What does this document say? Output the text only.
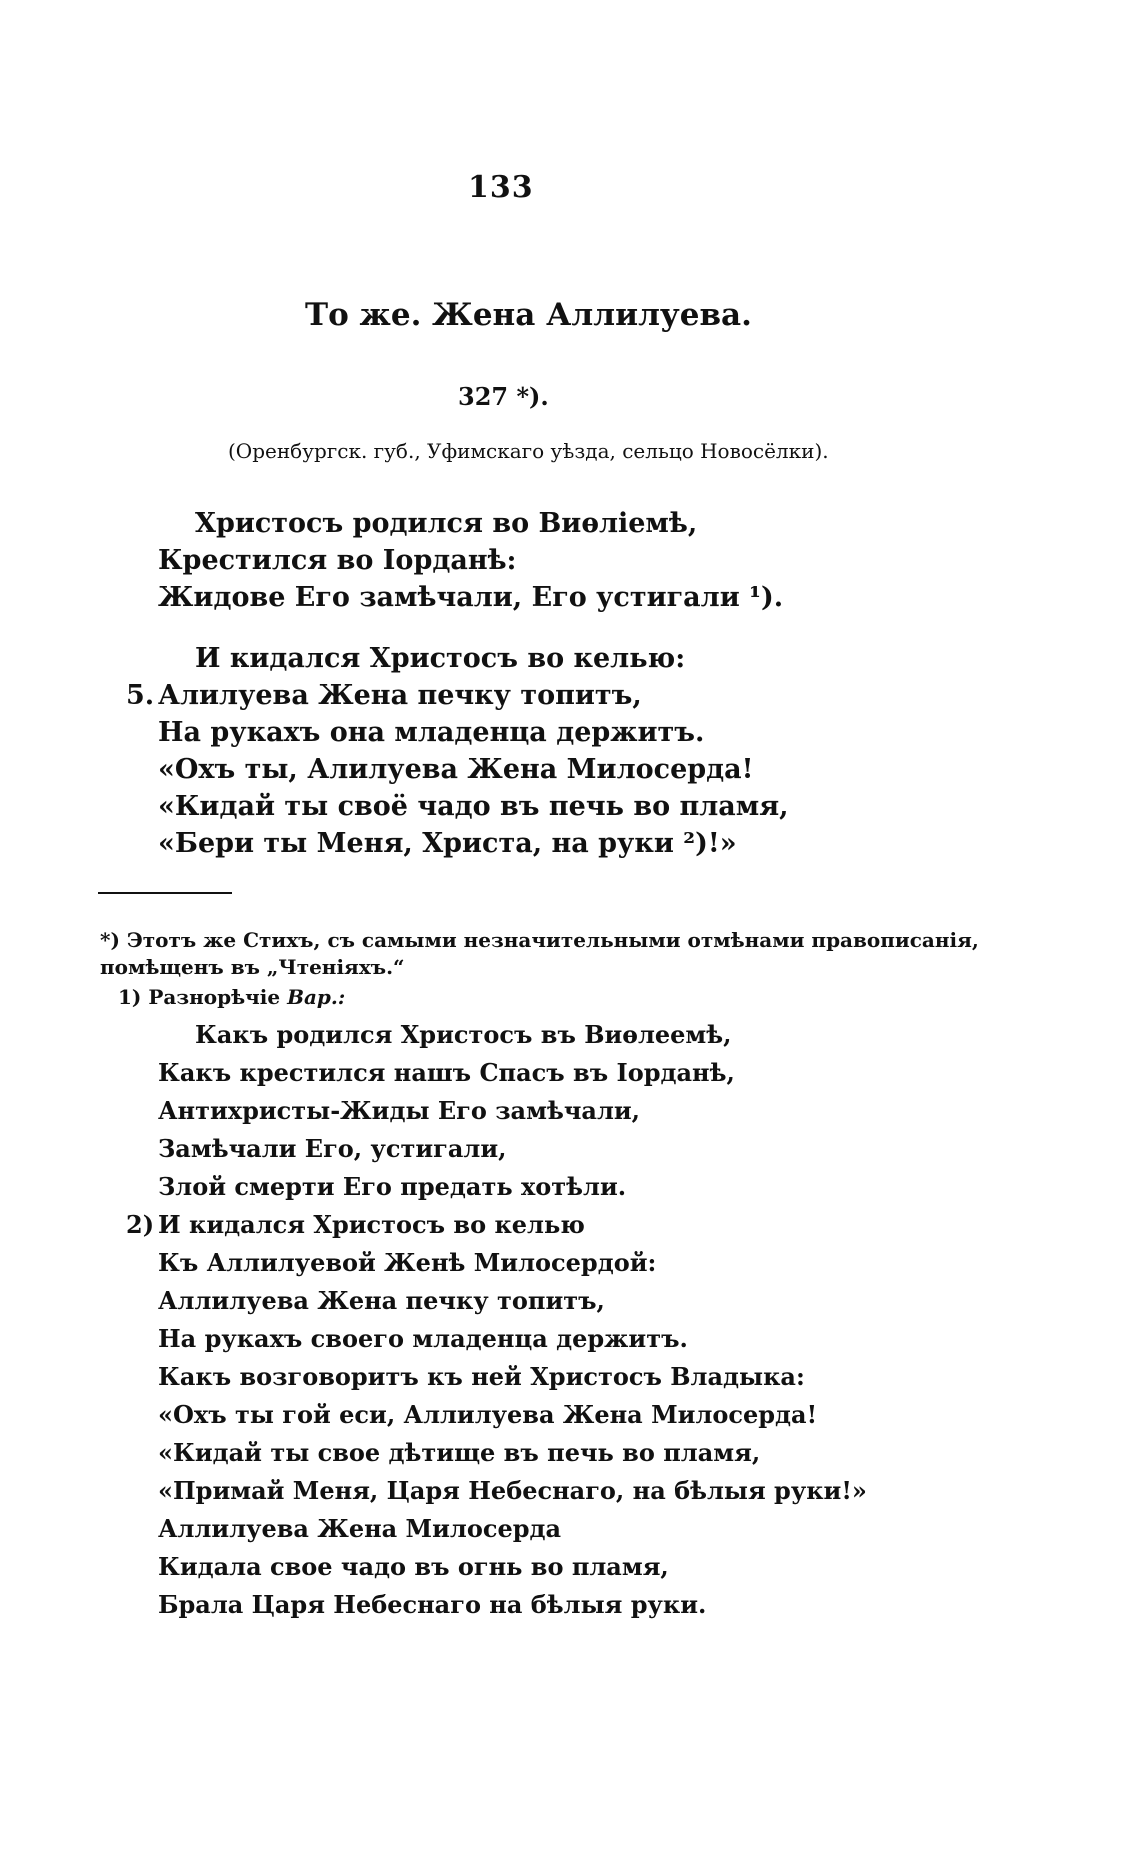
133
То же. Жена Аллилуева.
327 *).
(Оренбургск. губ., Уфимскаго уѣзда, сельцо Новосёлки).
Христосъ родился во Виѳліемѣ,
Крестился во Іорданѣ:
Жидове Его замѣчали, Его устигали ¹).
И кидался Христосъ во келью:
5. Алилуева Жена печку топитъ,
На рукахъ она младенца держитъ.
«Охъ ты, Алилуева Жена Милосерда!
«Кидай ты своё чадо въ печь во пламя,
«Бери ты Меня, Христа, на руки ²)!»
*) Этотъ же Стихъ, съ самыми незначительными отмѣнами правописанія,
помѣщенъ въ „Чтеніяхъ.“
1) Разнорѣчіе Вар.:
Какъ родился Христосъ въ Виѳлеемѣ,
Какъ крестился нашъ Спасъ въ Іорданѣ,
Антихристы-Жиды Его замѣчали,
Замѣчали Его, устигали,
Злой смерти Его предать хотѣли.
2) И кидался Христосъ во келью
Къ Аллилуевой Женѣ Милосердой:
Аллилуева Жена печку топитъ,
На рукахъ своего младенца держитъ.
Какъ возговоритъ къ ней Христосъ Владыка:
«Охъ ты гой еси, Аллилуева Жена Милосерда!
«Кидай ты свое дѣтище въ печь во пламя,
«Примай Меня, Царя Небеснаго, на бѣлыя руки!»
Аллилуева Жена Милосерда
Кидала свое чадо въ огнь во пламя,
Брала Царя Небеснаго на бѣлыя руки.
